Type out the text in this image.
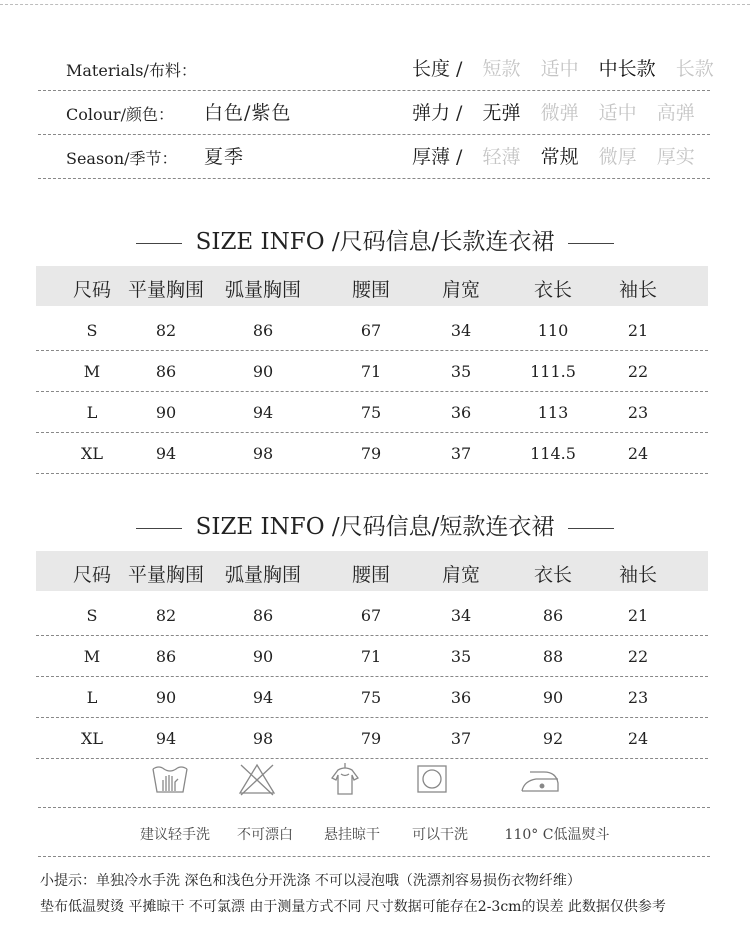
Materials/布料：	长度 / 短款 适中 中长款 长款
Colour/颜色： 白色/紫色	弹力 / 无弹 微弹 适中 高弹
Season/季节： 夏季	厚薄 / 轻薄 常规 微厚 厚实
SIZE INFO /尺码信息/长款连衣裙
尺码 平量胸围 弧量胸围	腰围	肩宽	衣长 袖长
S	82	86	67	34	110	21
M	86	90	71	35	111.5	22
L	90	94	75	36	113	23
XL	94	98	79	37	114.5	24
SIZE INFO /尺码信息/短款连衣裙
尺码 平量胸围 弧量胸围	腰围	肩宽	衣长 袖长
S	82	86	67	34	86	21
M	86	90	71	35	88	22
L	90	94	75	36	90	23
XL	94	98	79	37	92	24
建议轻手洗 不可漂白 悬挂晾干 可以干洗	110° C低温熨斗
小提示：单独冷水手洗 深色和浅色分开洗涤 不可以浸泡哦（洗漂剂容易损伤衣物纤维）
垫布低温熨烫 平摊晾干 不可氯漂 由于测量方式不同 尺寸数据可能存在2-3cm的误差 此数据仅供参考
